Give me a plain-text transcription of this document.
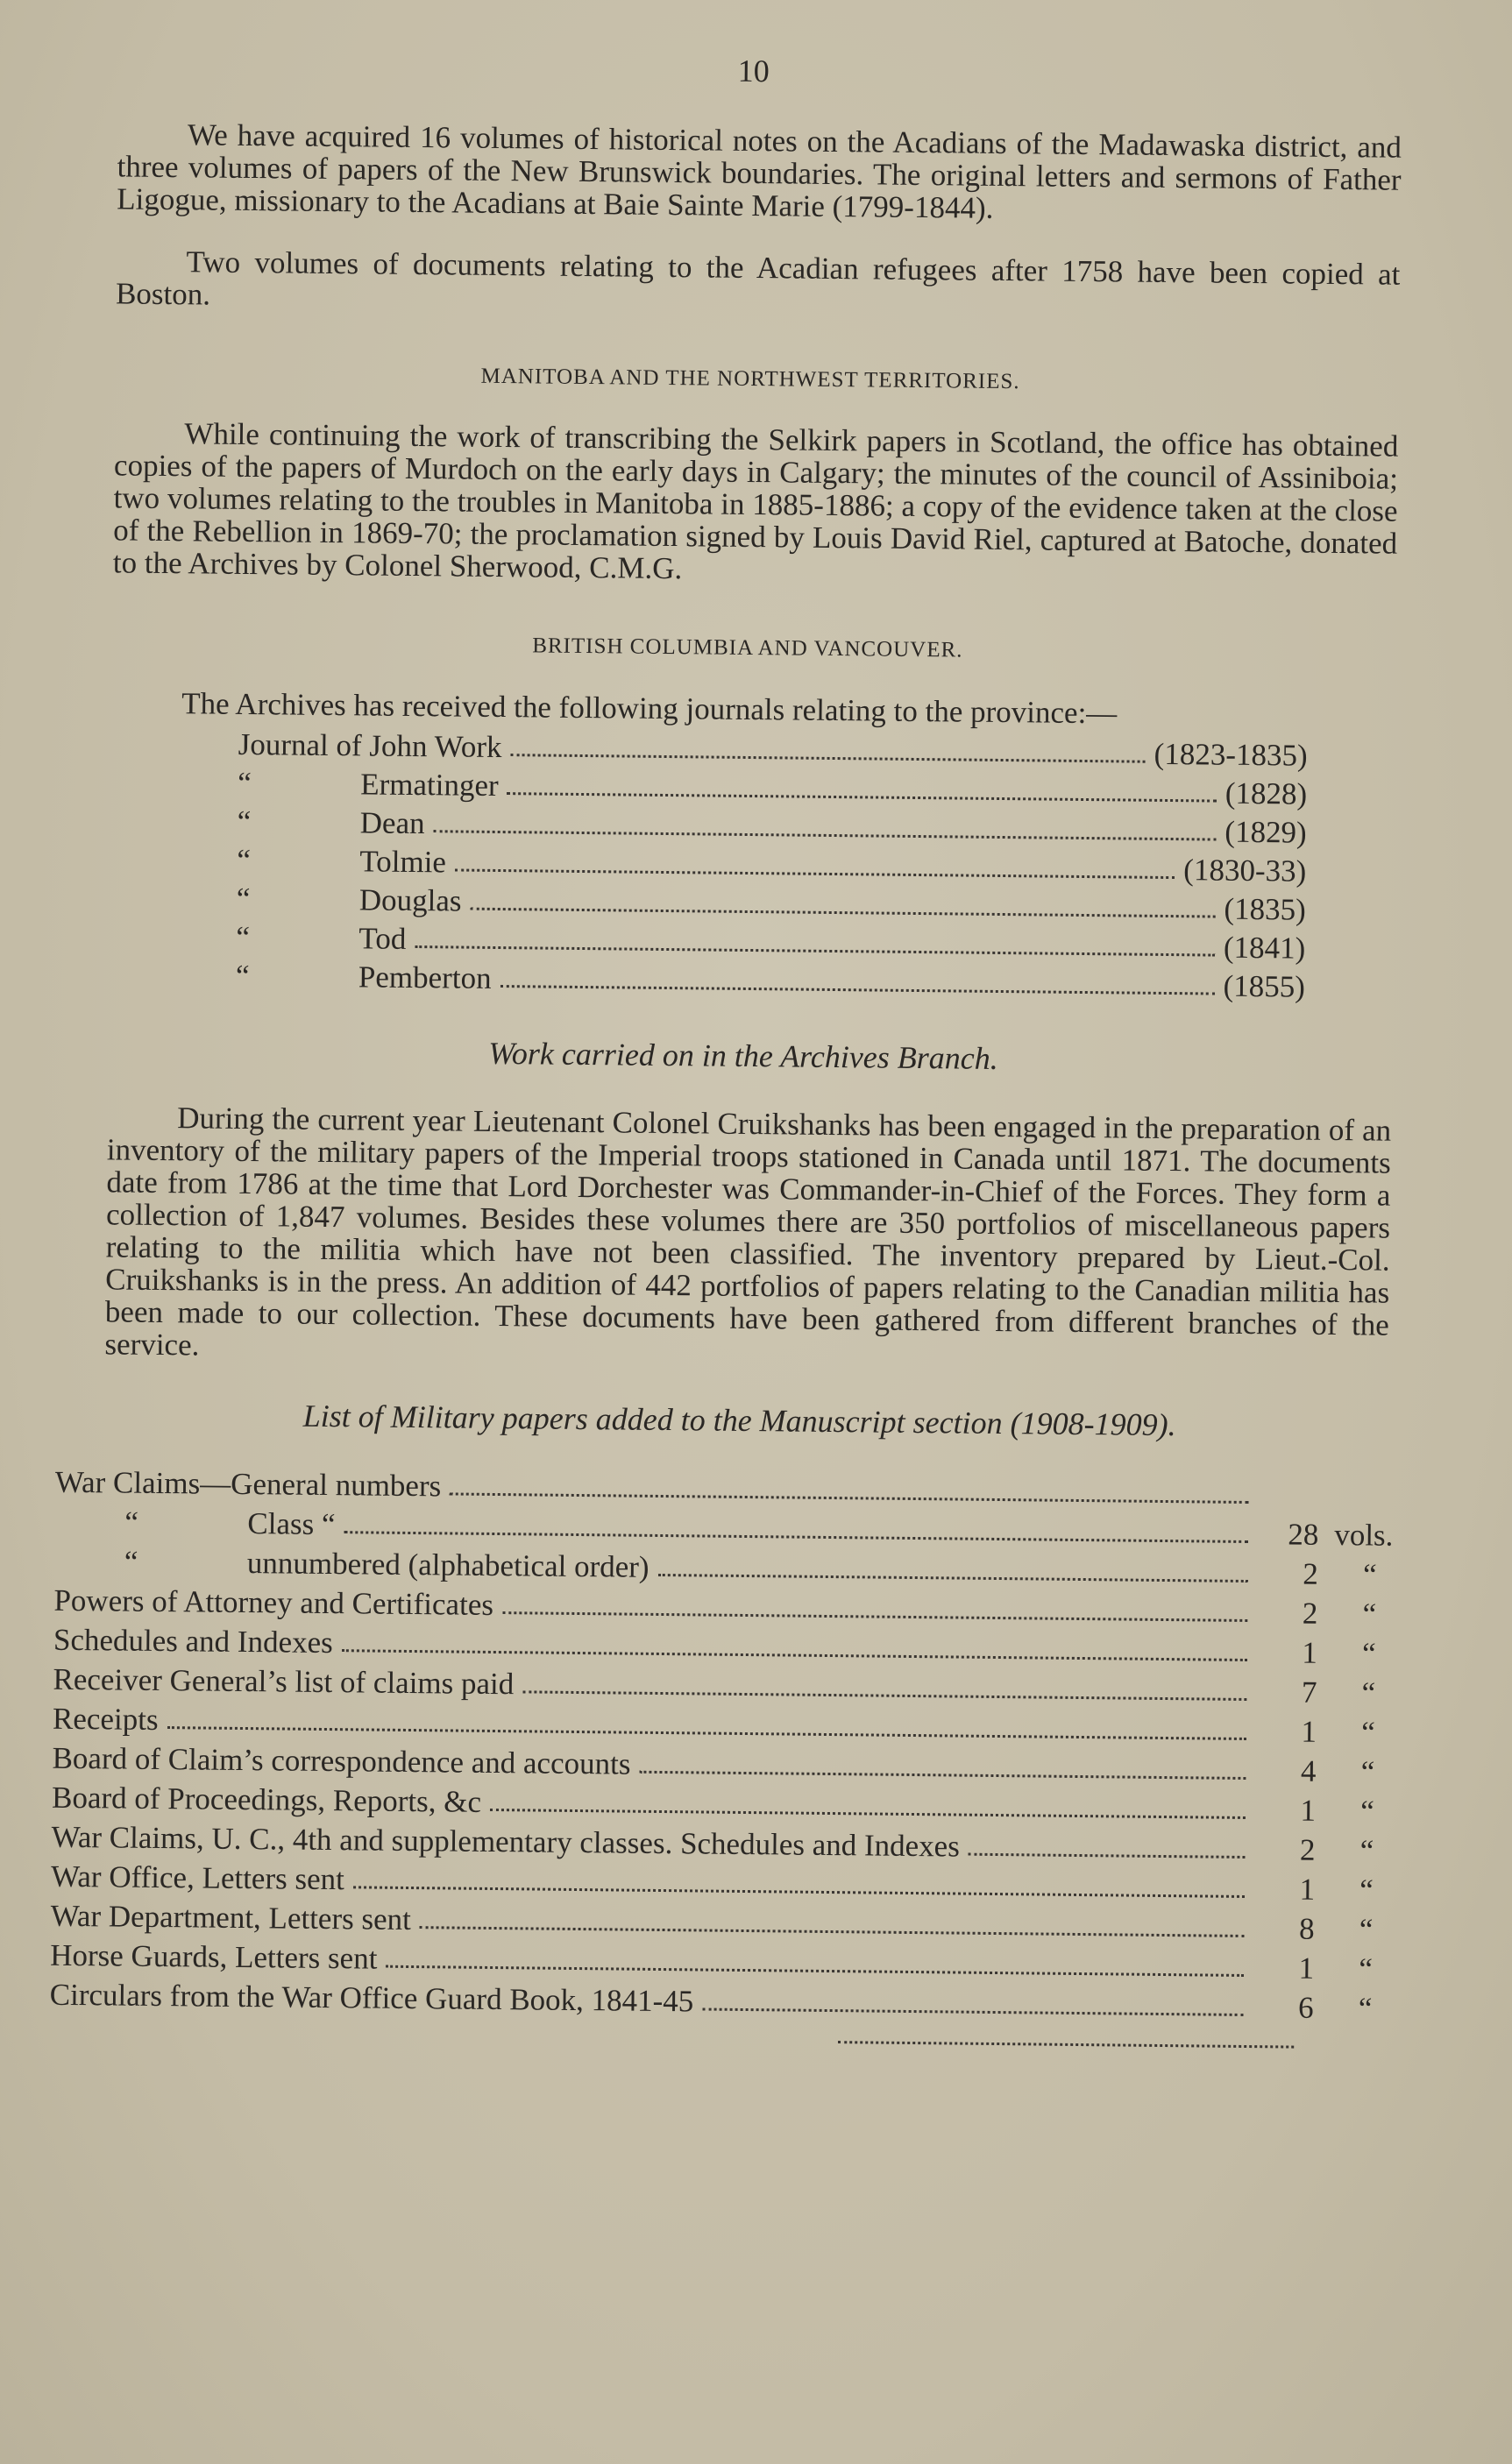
10

We have acquired 16 volumes of historical notes on the Acadians of the Madawaska district, and three volumes of papers of the New Brunswick boundaries. The original letters and sermons of Father Ligogue, missionary to the Acadians at Baie Sainte Marie (1799-1844).

Two volumes of documents relating to the Acadian refugees after 1758 have been copied at Boston.

MANITOBA AND THE NORTHWEST TERRITORIES.

While continuing the work of transcribing the Selkirk papers in Scotland, the office has obtained copies of the papers of Murdoch on the early days in Calgary; the minutes of the council of Assiniboia; two volumes relating to the troubles in Manitoba in 1885-1886; a copy of the evidence taken at the close of the Rebellion in 1869-70; the proclamation signed by Louis David Riel, captured at Batoche, donated to the Archives by Colonel Sherwood, C.M.G.

BRITISH COLUMBIA AND VANCOUVER.
The Archives has received the following journals relating to the province:—
Journal of John Work	(1823-1835)
“	Ermatinger	(1828)
“	Dean	(1829)
“	Tolmie	(1830-33)
“	Douglas	(1835)
“	Tod	(1841)
“	Pemberton	(1855)
Work carried on in the Archives Branch.

During the current year Lieutenant Colonel Cruikshanks has been engaged in the preparation of an inventory of the military papers of the Imperial troops stationed in Canada until 1871. The documents date from 1786 at the time that Lord Dorchester was Commander-in-Chief of the Forces. They form a collection of 1,847 volumes. Besides these volumes there are 350 portfolios of miscellaneous papers relating to the militia which have not been classified. The inventory prepared by Lieut.-Col. Cruikshanks is in the press. An addition of 442 portfolios of papers relating to the Canadian militia has been made to our collection. These documents have been gathered from different branches of the service.

List of Military papers added to the Manuscript section (1908-1909).
War Claims—General numbers
“	Class “	28 vols.
“	unnumbered (alphabetical order)	2	“
Powers of Attorney and Certificates	2	“
Schedules and Indexes	1	“
Receiver General’s list of claims paid	7	“
Receipts	1	“
Board of Claim’s correspondence and accounts	4	“
Board of Proceedings, Reports, &c	1	“
War Claims, U. C., 4th and supplementary classes. Schedules and Indexes	2	“
War Office, Letters sent	1	“
War Department, Letters sent	8	“
Horse Guards, Letters sent	1	“
Circulars from the War Office Guard Book, 1841-45	6	“
